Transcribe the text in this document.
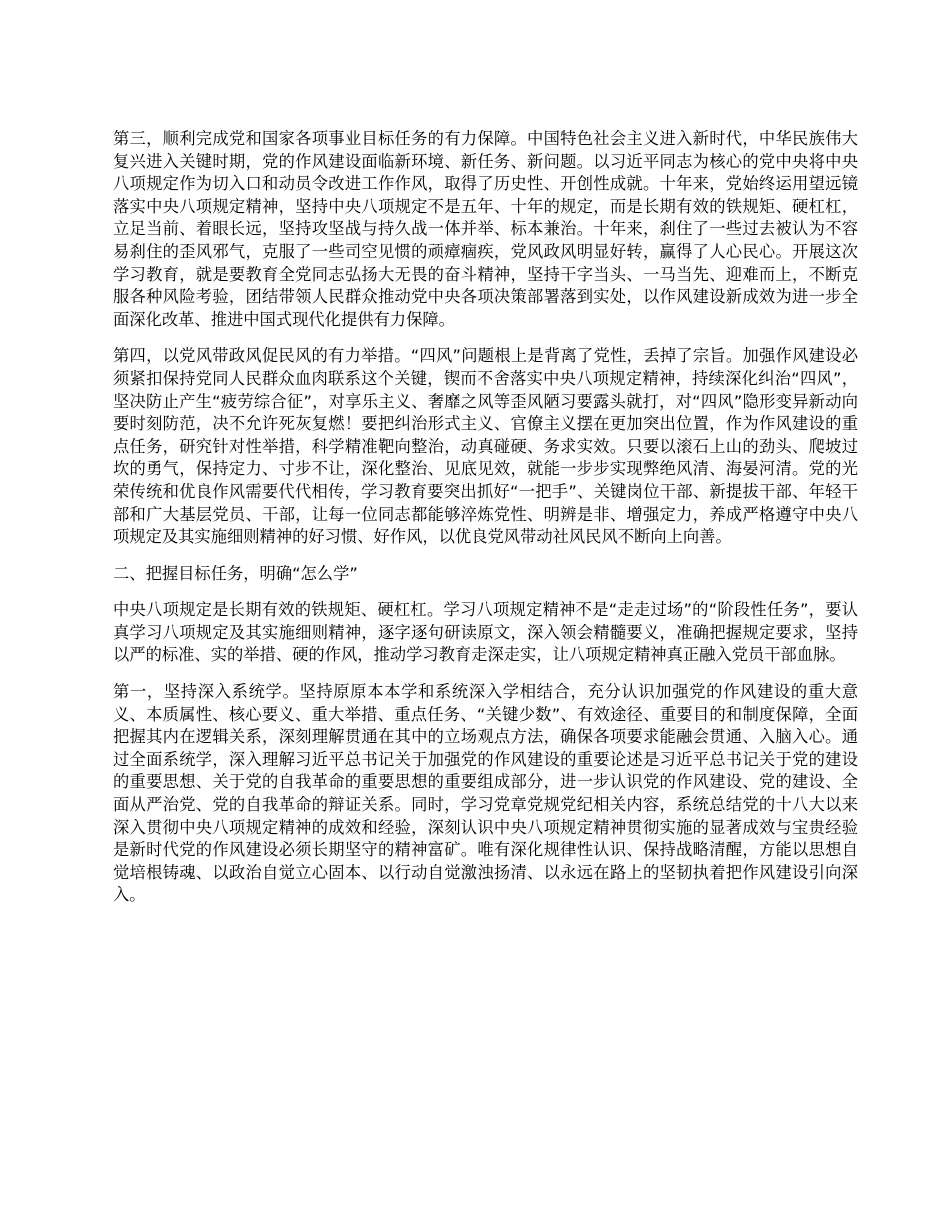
第三，顺利完成党和国家各项事业目标任务的有力保障。中国特色社会主义进入新时代，中华民族伟大复兴进入关键时期，党的作风建设面临新环境、新任务、新问题。以习近平同志为核心的党中央将中央八项规定作为切入口和动员令改进工作作风，取得了历史性、开创性成就。十年来，党始终运用望远镜落实中央八项规定精神，坚持中央八项规定不是五年、十年的规定，而是长期有效的铁规矩、硬杠杠，立足当前、着眼长远，坚持攻坚战与持久战一体并举、标本兼治。十年来，刹住了一些过去被认为不容易刹住的歪风邪气，克服了一些司空见惯的顽瘴痼疾，党风政风明显好转，赢得了人心民心。开展这次学习教育，就是要教育全党同志弘扬大无畏的奋斗精神，坚持干字当头、一马当先、迎难而上，不断克服各种风险考验，团结带领人民群众推动党中央各项决策部署落到实处，以作风建设新成效为进一步全面深化改革、推进中国式现代化提供有力保障。

第四，以党风带政风促民风的有力举措。“四风”问题根上是背离了党性，丢掉了宗旨。加强作风建设必须紧扣保持党同人民群众血肉联系这个关键，锲而不舍落实中央八项规定精神，持续深化纠治“四风”，坚决防止产生“疲劳综合征”，对享乐主义、奢靡之风等歪风陋习要露头就打，对“四风”隐形变异新动向要时刻防范，决不允许死灰复燃！要把纠治形式主义、官僚主义摆在更加突出位置，作为作风建设的重点任务，研究针对性举措，科学精准靶向整治，动真碰硬、务求实效。只要以滚石上山的劲头、爬坡过坎的勇气，保持定力、寸步不让，深化整治、见底见效，就能一步步实现弊绝风清、海晏河清。党的光荣传统和优良作风需要代代相传，学习教育要突出抓好“一把手”、关键岗位干部、新提拔干部、年轻干部和广大基层党员、干部，让每一位同志都能够淬炼党性、明辨是非、增强定力，养成严格遵守中央八项规定及其实施细则精神的好习惯、好作风，以优良党风带动社风民风不断向上向善。

二、把握目标任务，明确“怎么学”

中央八项规定是长期有效的铁规矩、硬杠杠。学习八项规定精神不是“走走过场”的“阶段性任务”，要认真学习八项规定及其实施细则精神，逐字逐句研读原文，深入领会精髓要义，准确把握规定要求，坚持以严的标准、实的举措、硬的作风，推动学习教育走深走实，让八项规定精神真正融入党员干部血脉。

第一，坚持深入系统学。坚持原原本本学和系统深入学相结合，充分认识加强党的作风建设的重大意义、本质属性、核心要义、重大举措、重点任务、“关键少数”、有效途径、重要目的和制度保障，全面把握其内在逻辑关系，深刻理解贯通在其中的立场观点方法，确保各项要求能融会贯通、入脑入心。通过全面系统学，深入理解习近平总书记关于加强党的作风建设的重要论述是习近平总书记关于党的建设的重要思想、关于党的自我革命的重要思想的重要组成部分，进一步认识党的作风建设、党的建设、全面从严治党、党的自我革命的辩证关系。同时，学习党章党规党纪相关内容，系统总结党的十八大以来深入贯彻中央八项规定精神的成效和经验，深刻认识中央八项规定精神贯彻实施的显著成效与宝贵经验是新时代党的作风建设必须长期坚守的精神富矿。唯有深化规律性认识、保持战略清醒，方能以思想自觉培根铸魂、以政治自觉立心固本、以行动自觉激浊扬清、以永远在路上的坚韧执着把作风建设引向深入。
